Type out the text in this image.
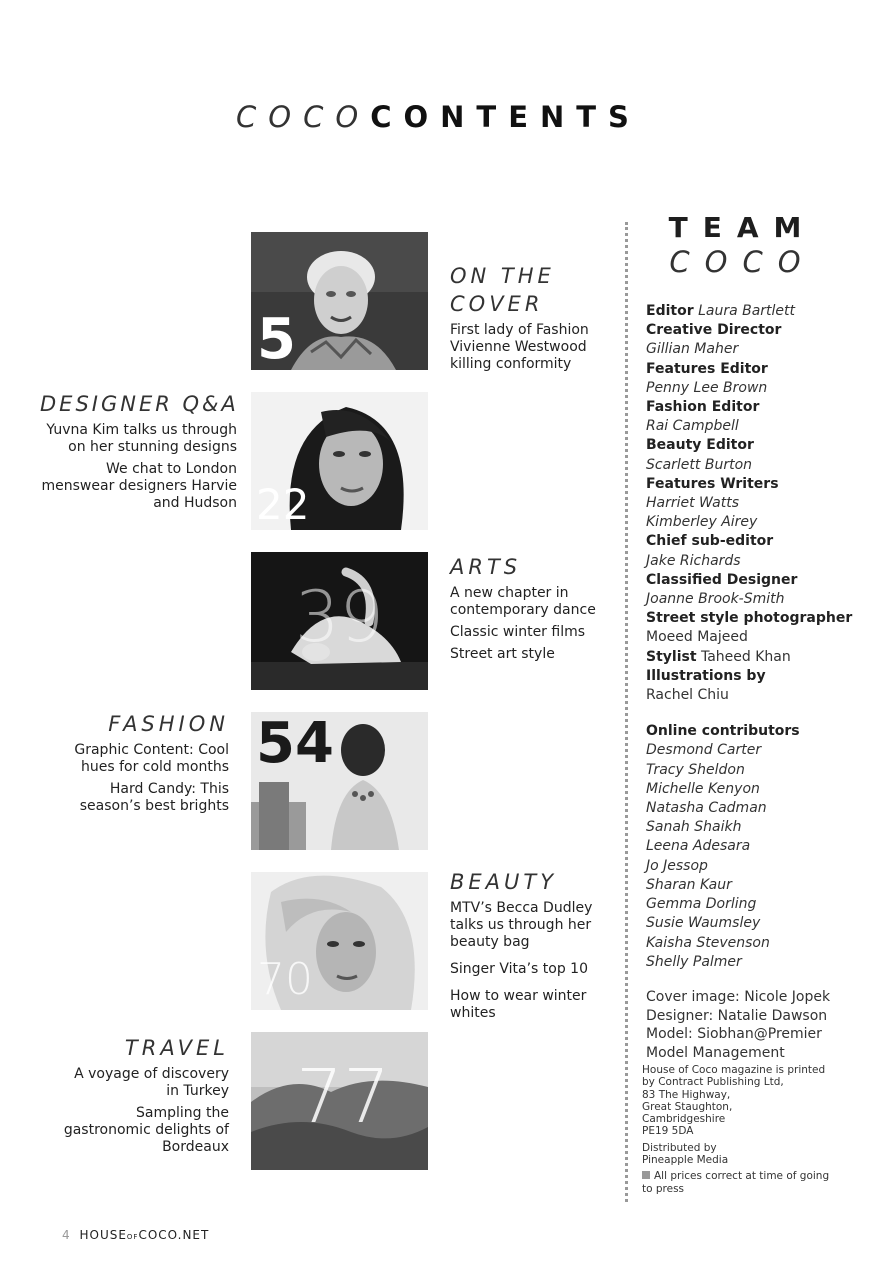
COCOCONTENTS
5
ON THE
COVER
First lady of Fashion Vivienne Westwood killing conformity
22
DESIGNER Q&A
Yuvna Kim talks us through on her stunning designs
We chat to London menswear designers Harvie and Hudson
39
ARTS
A new chapter in contemporary dance
Classic winter films
Street art style
54
FASHION
Graphic Content: Cool hues for cold months
Hard Candy: This season’s best brights
70
BEAUTY
MTV’s Becca Dudley talks us through her beauty bag
Singer Vita’s top 10
How to wear winter whites
77
TRAVEL
A voyage of discovery in Turkey
Sampling the gastronomic delights of Bordeaux
TEAM
COCO
Editor Laura Bartlett
Creative Director
Gillian Maher
Features Editor
Penny Lee Brown
Fashion Editor
Rai Campbell
Beauty Editor
Scarlett Burton
Features Writers
Harriet Watts
Kimberley Airey
Chief sub-editor
Jake Richards
Classified Designer
Joanne Brook-Smith
Street style photographer
Moeed Majeed
Stylist Taheed Khan
Illustrations by
Rachel Chiu
Online contributors
Desmond Carter
Tracy Sheldon
Michelle Kenyon
Natasha Cadman
Sanah Shaikh
Leena Adesara
Jo Jessop
Sharan Kaur
Gemma Dorling
Susie Waumsley
Kaisha Stevenson
Shelly Palmer
Cover image: Nicole Jopek
Designer: Natalie Dawson
Model: Siobhan@Premier Model Management

House of Coco magazine is printed
by Contract Publishing Ltd,
83 The Highway,
Great Staughton,
Cambridgeshire
PE19 5DA

Distributed by
Pineapple Media

All prices correct at time of going to press

4 HOUSEOFCOCO.NET
